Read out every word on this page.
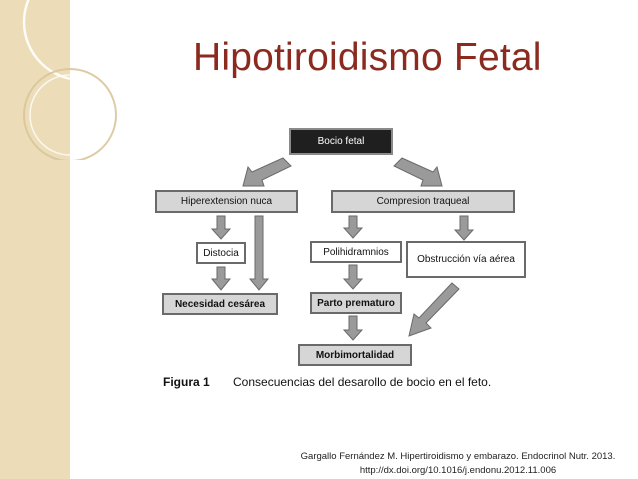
Hipotiroidismo Fetal
Bocio fetal
Hiperextension nuca	Compresion traqueal
Distocia	Polihidramnios
Obstrucción vía aérea
Necesidad cesárea	Parto prematuro
Morbimortalidad
Figura 1 Consecuencias del desarollo de bocio en el feto.
Gargallo Fernández M. Hipertiroidismo y embarazo. Endocrinol Nutr. 2013.
http://dx.doi.org/10.1016/j.endonu.2012.11.006
